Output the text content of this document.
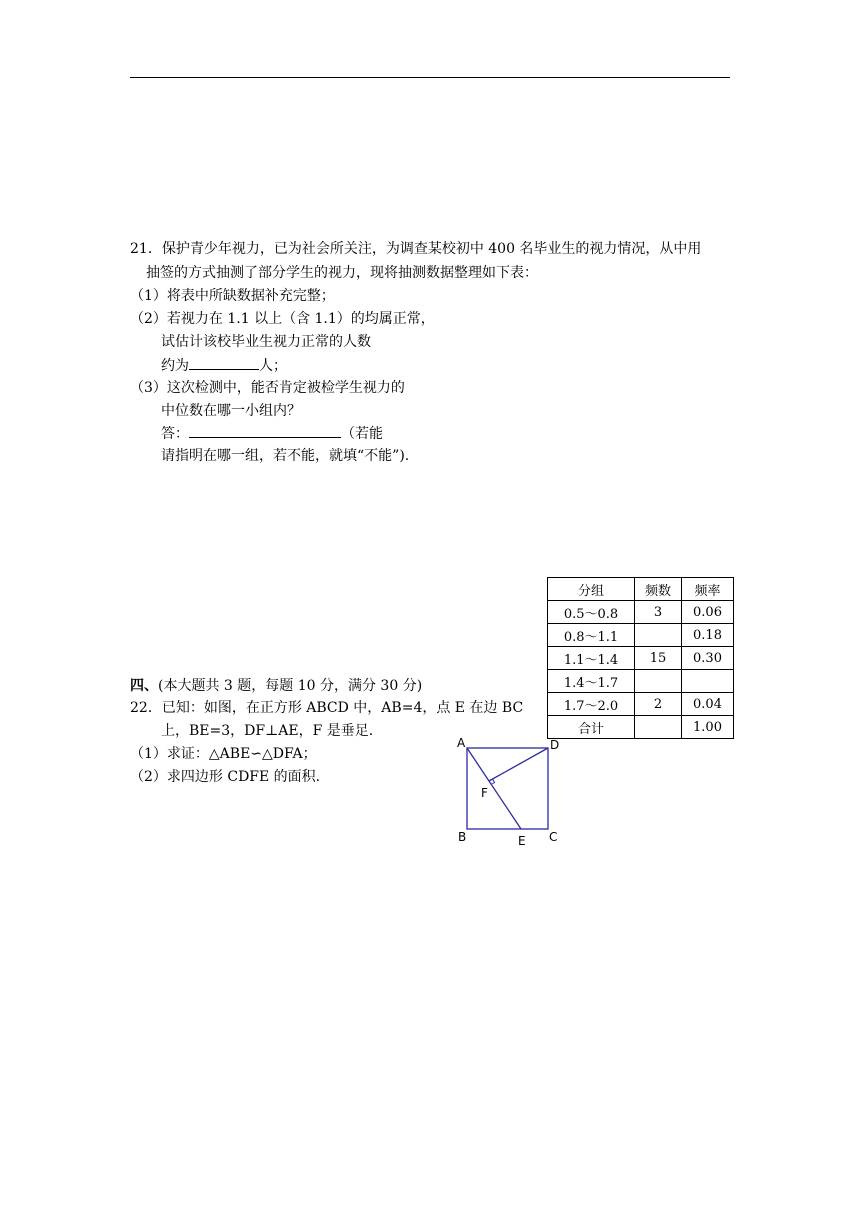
21．保护青少年视力，已为社会所关注，为调查某校初中 400 名毕业生的视力情况，从中用
抽签的方式抽测了部分学生的视力，现将抽测数据整理如下表：
（1）将表中所缺数据补充完整；
（2）若视力在 1.1 以上（含 1.1）的均属正常，
试估计该校毕业生视力正常的人数
约为	人；
（3）这次检测中，能否肯定被检学生视力的
中位数在哪一小组内？
答：	（若能
请指明在哪一组，若不能，就填“不能”).
分组	频数	频率
0.5～0.8	3	0.06
0.8～1.1		0.18
1.1～1.4	15	0.30
1.4～1.7		
1.7～2.0	2	0.04
合计		1.00
四、(本大题共 3 题，每题 10 分，满分 30 分)
22．已知：如图，在正方形 ABCD 中，AB=4，点 E 在边 BC
上，BE=3，DF⊥AE，F 是垂足.
（1）求证：△ABE∽△DFA；
（2）求四边形 CDFE 的面积.
A	D
F
B	E C
